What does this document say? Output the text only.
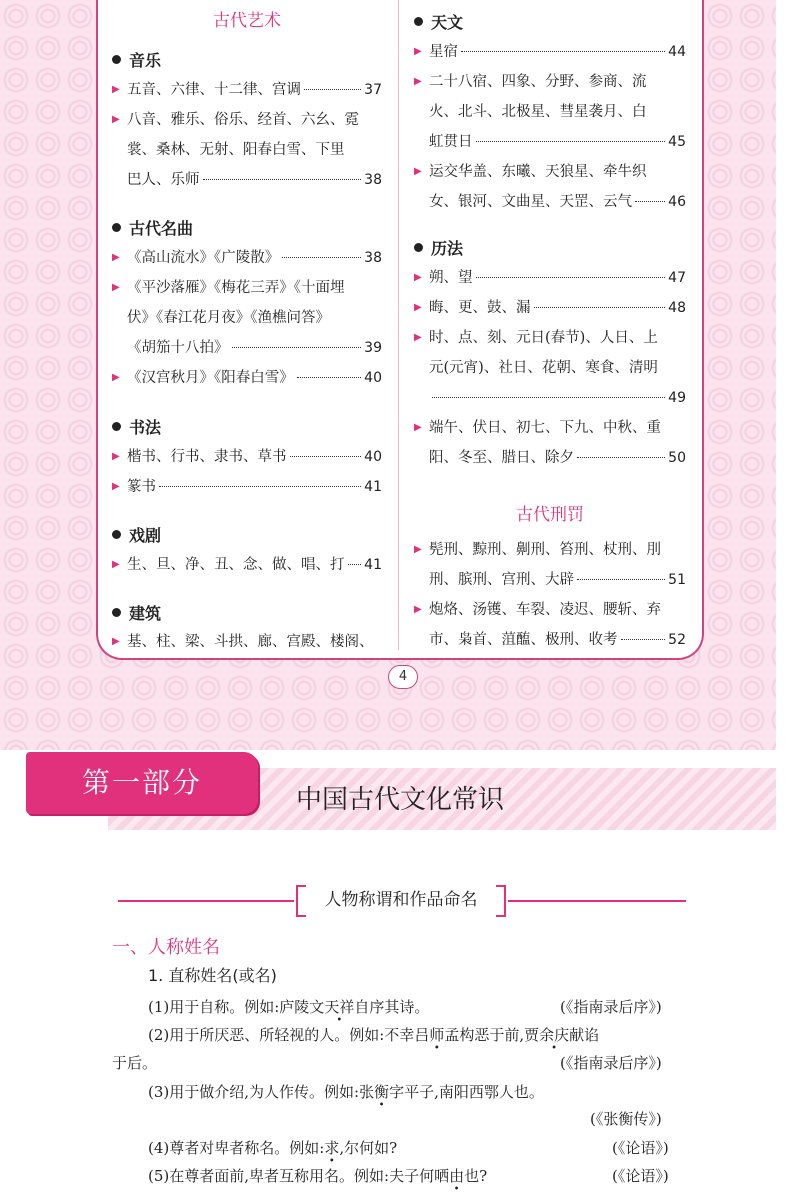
古代艺术
音乐
▶ 五音、六律、十二律、宫调	37
▶ 八音、雅乐、俗乐、经首、六幺、霓
裳、桑林、无射、阳春白雪、下里
巴人、乐师	38
古代名曲
▶ 《高山流水》《广陵散》	38
▶ 《平沙落雁》《梅花三弄》《十面埋
伏》《春江花月夜》《渔樵问答》
《胡笳十八拍》	39
▶ 《汉宫秋月》《阳春白雪》	40
书法
▶ 楷书、行书、隶书、草书	40
▶ 篆书	41
戏剧
▶ 生、旦、净、丑、念、做、唱、打 41
建筑
▶ 基、柱、梁、斗拱、廊、宫殿、楼阁、
天文
▶ 星宿	44
▶ 二十八宿、四象、分野、参商、流
火、北斗、北极星、彗星袭月、白
虹贯日	45
▶ 运交华盖、东曦、天狼星、牵牛织
女、银河、文曲星、天罡、云气	46
历法
▶ 朔、望	47
▶ 晦、更、鼓、漏	48
▶ 时、点、刻、元日(春节)、人日、上
元(元宵)、社日、花朝、寒食、清明
49
▶ 端午、伏日、初七、下九、中秋、重
阳、冬至、腊日、除夕	50
古代刑罚
▶ 髡刑、黥刑、劓刑、笞刑、杖刑、刖
刑、膑刑、宫刑、大辟	51
▶ 炮烙、汤镬、车裂、凌迟、腰斩、弃
市、枭首、菹醢、极刑、收考	52
4
第一部分
中国古代文化常识
人物称谓和作品命名
一、人称姓名
1. 直称姓名(或名)
(1)用于自称。例如:庐陵文天祥自序其诗。	(《指南录后序》)
(2)用于所厌恶、所轻视的人。例如:不幸吕师孟构恶于前,贾余庆献谄
于后。	(《指南录后序》)
(3)用于做介绍,为人作传。例如:张衡字平子,南阳西鄂人也。
(《张衡传》)
(4)尊者对卑者称名。例如:求,尔何如?	(《论语》)
(5)在尊者面前,卑者互称用名。例如:夫子何哂由也?	(《论语》)
